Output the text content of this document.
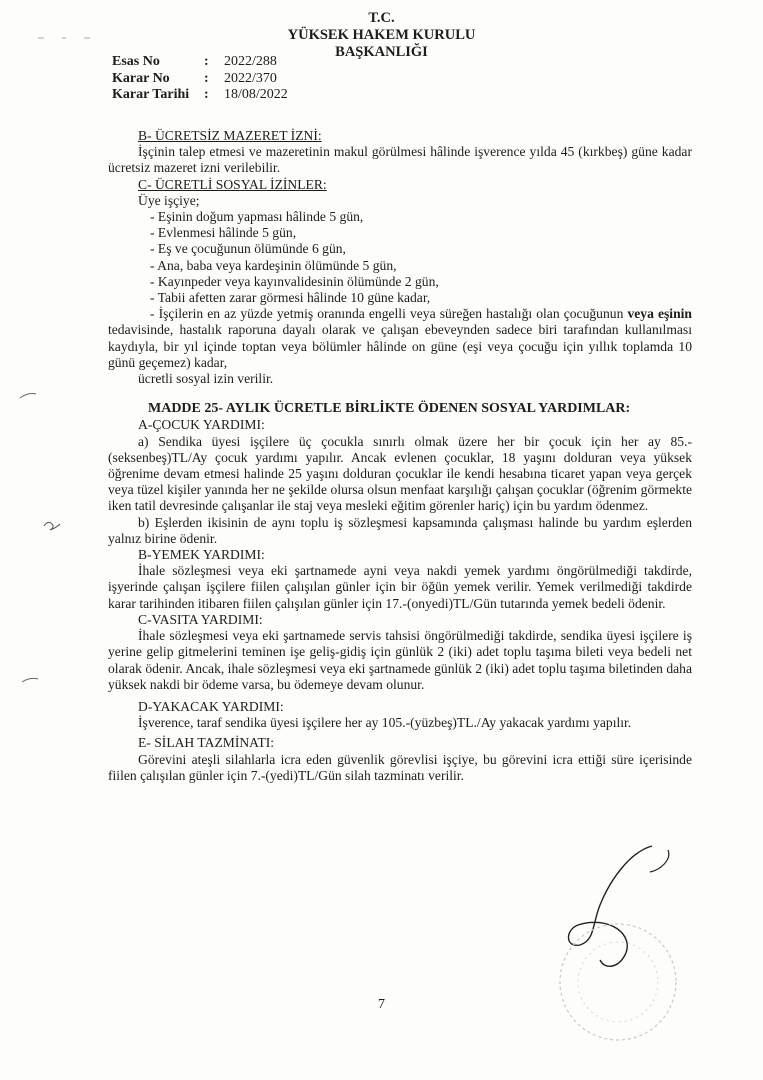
T.C.
YÜKSEK HAKEM KURULU
BAŞKANLIĞI
Esas No	:	2022/288
Karar No	:	2022/370
Karar Tarihi	:	18/08/2022

B- ÜCRETSİZ MAZERET İZNİ:

İşçinin talep etmesi ve mazeretinin makul görülmesi hâlinde işverence yılda 45 (kırkbeş) güne kadar ücretsiz mazeret izni verilebilir.

C- ÜCRETLİ SOSYAL İZİNLER:

Üye işçiye;

- Eşinin doğum yapması hâlinde 5 gün,

- Evlenmesi hâlinde 5 gün,

- Eş ve çocuğunun ölümünde 6 gün,

- Ana, baba veya kardeşinin ölümünde 5 gün,

- Kayınpeder veya kayınvalidesinin ölümünde 2 gün,

- Tabii afetten zarar görmesi hâlinde 10 güne kadar,

- İşçilerin en az yüzde yetmiş oranında engelli veya süreğen hastalığı olan çocuğunun veya eşinin tedavisinde, hastalık raporuna dayalı olarak ve çalışan ebeveynden sadece biri tarafından kullanılması kaydıyla, bir yıl içinde toptan veya bölümler hâlinde on güne (eşi veya çocuğu için yıllık toplamda 10 günü geçemez) kadar,

ücretli sosyal izin verilir.

MADDE 25- AYLIK ÜCRETLE BİRLİKTE ÖDENEN SOSYAL YARDIMLAR:

A-ÇOCUK YARDIMI:

a) Sendika üyesi işçilere üç çocukla sınırlı olmak üzere her bir çocuk için her ay 85.-(seksenbeş)TL/Ay çocuk yardımı yapılır. Ancak evlenen çocuklar, 18 yaşını dolduran veya yüksek öğrenime devam etmesi halinde 25 yaşını dolduran çocuklar ile kendi hesabına ticaret yapan veya gerçek veya tüzel kişiler yanında her ne şekilde olursa olsun menfaat karşılığı çalışan çocuklar (öğrenim görmekte iken tatil devresinde çalışanlar ile staj veya mesleki eğitim görenler hariç) için bu yardım ödenmez.

b) Eşlerden ikisinin de aynı toplu iş sözleşmesi kapsamında çalışması halinde bu yardım eşlerden yalnız birine ödenir.

B-YEMEK YARDIMI:

İhale sözleşmesi veya eki şartnamede ayni veya nakdi yemek yardımı öngörülmediği takdirde, işyerinde çalışan işçilere fiilen çalışılan günler için bir öğün yemek verilir. Yemek verilmediği takdirde karar tarihinden itibaren fiilen çalışılan günler için 17.-(onyedi)TL/Gün tutarında yemek bedeli ödenir.

C-VASITA YARDIMI:

İhale sözleşmesi veya eki şartnamede servis tahsisi öngörülmediği takdirde, sendika üyesi işçilere iş yerine gelip gitmelerini teminen işe geliş-gidiş için günlük 2 (iki) adet toplu taşıma bileti veya bedeli net olarak ödenir. Ancak, ihale sözleşmesi veya eki şartnamede günlük 2 (iki) adet toplu taşıma biletinden daha yüksek nakdi bir ödeme varsa, bu ödemeye devam olunur.

D-YAKACAK YARDIMI:

İşverence, taraf sendika üyesi işçilere her ay 105.-(yüzbeş)TL./Ay yakacak yardımı yapılır.

E- SİLAH TAZMİNATI:

Görevini ateşli silahlarla icra eden güvenlik görevlisi işçiye, bu görevini icra ettiği süre içerisinde fiilen çalışılan günler için 7.-(yedi)TL/Gün silah tazminatı verilir.

7
